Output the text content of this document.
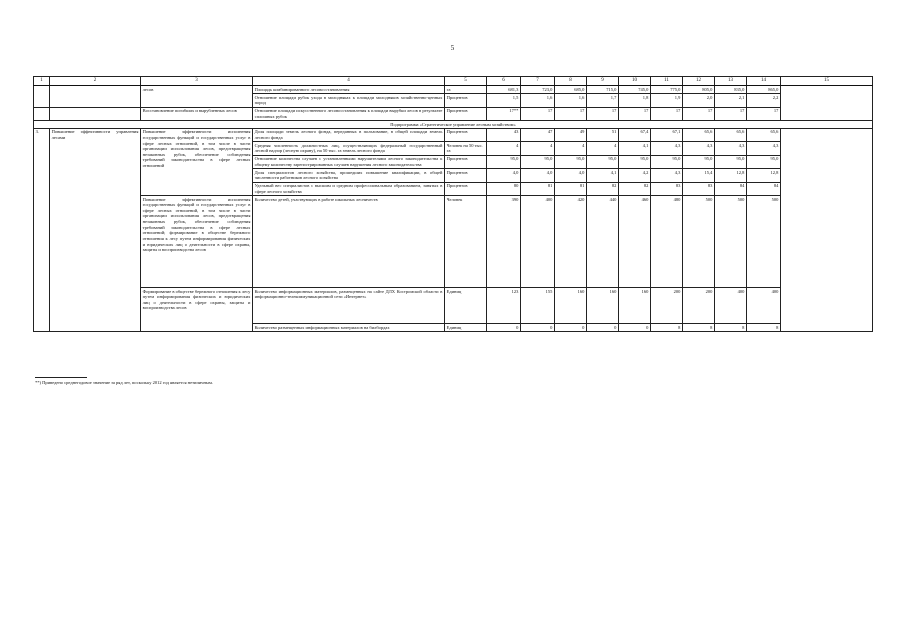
5
1	2	3	4	5	6	7	8	9	10	11	12	13	14	15
		лесов	Площадь комбинированного лесовосстановления	га	681,3	723,0	685,0	715,0	745,0	775,0	805,0	835,0	865,0	
			Отношение площади рубок ухода в молодняках к площади молодняков хозяйственно-ценных пород	Процентов	1,5	1,6	1,6	1,7	1,8	1,9	2,0	2,1	2,2	
		Восстановление погибших и вырубленных лесов	Отношение площади искусственного лесовосстановления к площади вырубки лесов в результате сплошных рубок	Процентов	17**	17	17	17	17	17	17	17	17	
Подпрограмма «Стратегическое управление лесным хозяйством»														
3.	Повышение эффективности управления лесами	Повышение эффективности исполнения государственных функций и государственных услуг в сфере лесных отношений, в том числе в части организации использования лесов, предотвращения незаконных рубок, обеспечение соблюдения требований законодательства в сфере лесных отношений	Доля площади земель лесного фонда, переданных в пользование, в общей площади земель лесного фонда	Процентов	43	47	49	51	67,4	67,1	65,6	65,6	65,6	
			Средняя численность должностных лиц, осуществляющих федеральный государственный лесной надзор (лесную охрану), на 50 тыс. га земель лесного фонда	Человек на 50 тыс. га	4	4	4	4	4,1	4,3	4,3	4,3	4,3	
			Отношение количества случаев с установленными нарушителями лесного законодательства к общему количеству зарегистрированных случаев нарушения лесного законодательства	Процентов	95,0	95,0	95,0	95,0	95,0	95,0	95,0	95,0	95,0	
			Доля специалистов лесного хозяйства, прошедших повышение квалификации, в общей численности работников лесного хозяйства	Процентов	4,0	4,0	4,0	4,1	4,2	4,3	15,4	12,8	12,8	
			Удельный вес специалистов с высшим и средним профессиональным образованием, занятых в сфере лесного хозяйства	Процентов	80	81	81	82	82	83	83	84	84	
		Повышение эффективности исполнения государственных функций и государственных услуг в сфере лесных отношений, в том числе в части организации использования лесов, предотвращения незаконных рубок, обеспечение соблюдения требований законодательства в сфере лесных отношений; формирование в обществе бережного отношения к лесу путем информирования физических и юридических лиц о деятельности в сфере охраны, защиты и воспроизводства лесов	Количество детей, участвующих в работе школьных лесничеств	Человек	390	400	420	440	460	480	500	500	500	
		Формирование в обществе бережного отношения к лесу путем информирования физических и юридических лиц о деятельности в сфере охраны, защиты и воспроизводства лесов	Количество информационных материалов, размещенных на сайте ДЛХ Костромской области в информационно-телекоммуникационной сети «Интернет»	Единиц	123	155	160	160	160	200	200	400	400	
			Количество размещенных информационных материалов на билбордах	Единиц	0	0	0	0	0	8	8	8	8	
**) Приведено среднегодовое значение за ряд лет, поскольку 2012 год является нетипичным.
